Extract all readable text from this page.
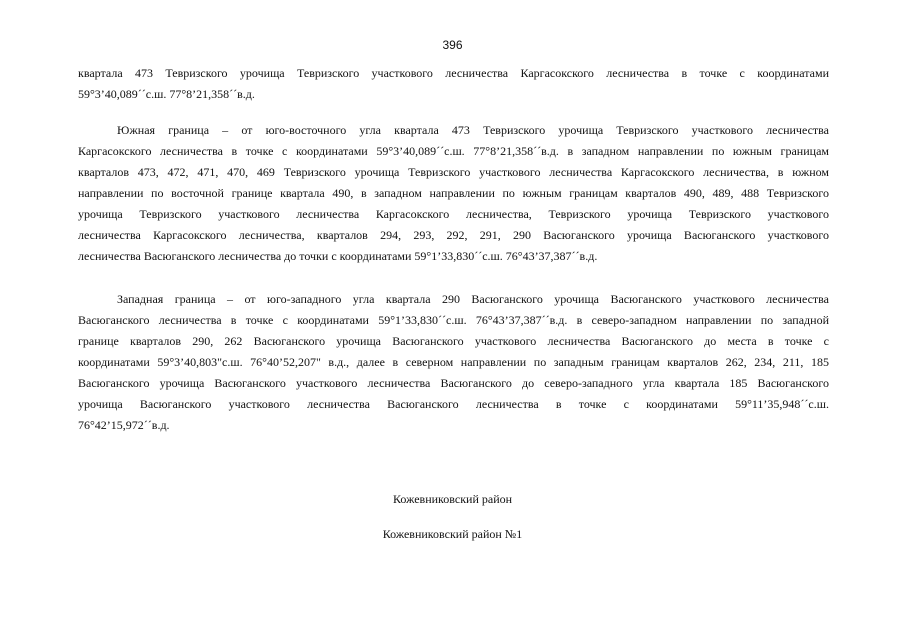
396
квартала 473 Тевризского урочища Тевризского участкового лесничества Каргасокского лесничества в точке с координатами
59°3’40,089´´с.ш. 77°8’21,358´´в.д.
Южная граница – от юго-восточного угла квартала 473 Тевризского урочища Тевризского участкового лесничества
Каргасокского лесничества в точке с координатами 59°3’40,089´´с.ш. 77°8’21,358´´в.д. в западном направлении по южным границам
кварталов 473, 472, 471, 470, 469 Тевризского урочища Тевризского участкового лесничества Каргасокского лесничества, в южном
направлении по восточной границе квартала 490, в западном направлении по южным границам кварталов 490, 489, 488 Тевризского
урочища Тевризского участкового лесничества Каргасокского лесничества, Тевризского урочища Тевризского участкового
лесничества Каргасокского лесничества, кварталов 294, 293, 292, 291, 290 Васюганского урочища Васюганского участкового
лесничества Васюганского лесничества до точки с координатами 59°1’33,830´´с.ш. 76°43’37,387´´в.д.
Западная граница – от юго-западного угла квартала 290 Васюганского урочища Васюганского участкового лесничества
Васюганского лесничества в точке с координатами 59°1’33,830´´с.ш. 76°43’37,387´´в.д. в северо-западном направлении по западной
границе кварталов 290, 262 Васюганского урочища Васюганского участкового лесничества Васюганского до места в точке с
координатами 59°3’40,803"с.ш. 76°40’52,207" в.д., далее в северном направлении по западным границам кварталов 262, 234, 211, 185
Васюганского урочища Васюганского участкового лесничества Васюганского до северо-западного угла квартала 185 Васюганского
урочища Васюганского участкового лесничества Васюганского лесничества в точке с координатами 59°11’35,948´´с.ш.
76°42’15,972´´в.д.
Кожевниковский район
Кожевниковский район №1
